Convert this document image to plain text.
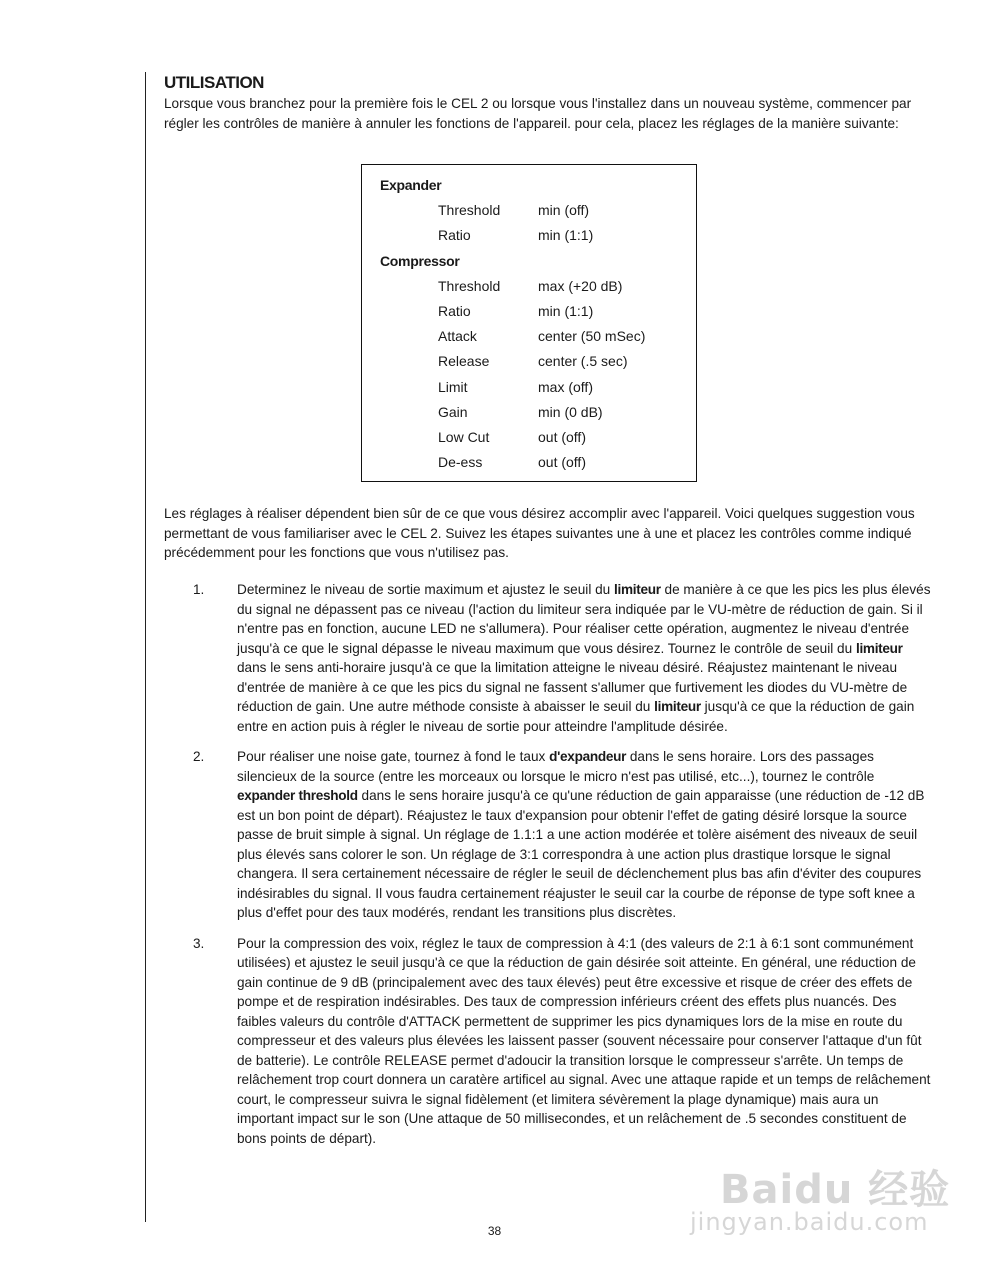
UTILISATION

Lorsque vous branchez pour la première fois le CEL 2 ou lorsque vous l'installez dans un nouveau système, commencer par régler les contrôles de manière à annuler les fonctions de l'appareil. pour cela, placez les réglages de la manière suivante:

Expander
Threshold	min (off)
Ratio	min (1:1)
Compressor
Threshold	max (+20 dB)
Ratio	min (1:1)
Attack	center (50 mSec)
Release	center (.5 sec)
Limit	max (off)
Gain	min (0 dB)
Low Cut	out (off)
De-ess	out (off)

Les réglages à réaliser dépendent bien sûr de ce que vous désirez accomplir avec l'appareil. Voici quelques suggestion vous permettant de vous familiariser avec le CEL 2. Suivez les étapes suivantes une à une et placez les contrôles comme indiqué précédemment pour les fonctions que vous n'utilisez pas.

1.	Determinez le niveau de sortie maximum et ajustez le seuil du limiteur de manière à ce que les pics les plus élevés du signal ne dépassent pas ce niveau (l'action du limiteur sera indiquée par le VU-mètre de réduction de gain. Si il n'entre pas en fonction, aucune LED ne s'allumera). Pour réaliser cette opération, augmentez le niveau d'entrée jusqu'à ce que le signal dépasse le niveau maximum que vous désirez. Tournez le contrôle de seuil du limiteur dans le sens anti-horaire jusqu'à ce que la limitation atteigne le niveau désiré. Réajustez maintenant le niveau d'entrée de manière à ce que les pics du signal ne fassent s'allumer que furtivement les diodes du VU-mètre de réduction de gain. Une autre méthode consiste à abaisser le seuil du limiteur jusqu'à ce que la réduction de gain entre en action puis à régler le niveau de sortie pour atteindre l'amplitude désirée.
2.	Pour réaliser une noise gate, tournez à fond le taux d'expandeur dans le sens horaire. Lors des passages silencieux de la source (entre les morceaux ou lorsque le micro n'est pas utilisé, etc...), tournez le contrôle expander threshold dans le sens horaire jusqu'à ce qu'une réduction de gain apparaisse (une réduction de -12 dB est un bon point de départ). Réajustez le taux d'expansion pour obtenir l'effet de gating désiré lorsque la source passe de bruit simple à signal. Un réglage de 1.1:1 a une action modérée et tolère aisément des niveaux de seuil plus élevés sans colorer le son. Un réglage de 3:1 correspondra à une action plus drastique lorsque le signal changera. Il sera certainement nécessaire de régler le seuil de déclenchement plus bas afin d'éviter des coupures indésirables du signal. Il vous faudra certainement réajuster le seuil car la courbe de réponse de type soft knee a plus d'effet pour des taux modérés, rendant les transitions plus discrètes.
3.	Pour la compression des voix, réglez le taux de compression à 4:1 (des valeurs de 2:1 à 6:1 sont communément utilisées) et ajustez le seuil jusqu'à ce que la réduction de gain désirée soit atteinte. En général, une réduction de gain continue de 9 dB (principalement avec des taux élevés) peut être excessive et risque de créer des effets de pompe et de respiration indésirables. Des taux de compression inférieurs créent des effets plus nuancés. Des faibles valeurs du contrôle d'ATTACK permettent de supprimer les pics dynamiques lors de la mise en route du compresseur et des valeurs plus élevées les laissent passer (souvent nécessaire pour conserver l'attaque d'un fût de batterie). Le contrôle RELEASE permet d'adoucir la transition lorsque le compresseur s'arrête. Un temps de relâchement trop court donnera un caratère artificel au signal. Avec une attaque rapide et un temps de relâchement court, le compresseur suivra le signal fidèlement (et limitera sévèrement la plage dynamique) mais aura un important impact sur le son (Une attaque de 50 millisecondes, et un relâchement de .5 secondes constituent de bons points de départ).
38
Baidu 经验
jingyan.baidu.com
